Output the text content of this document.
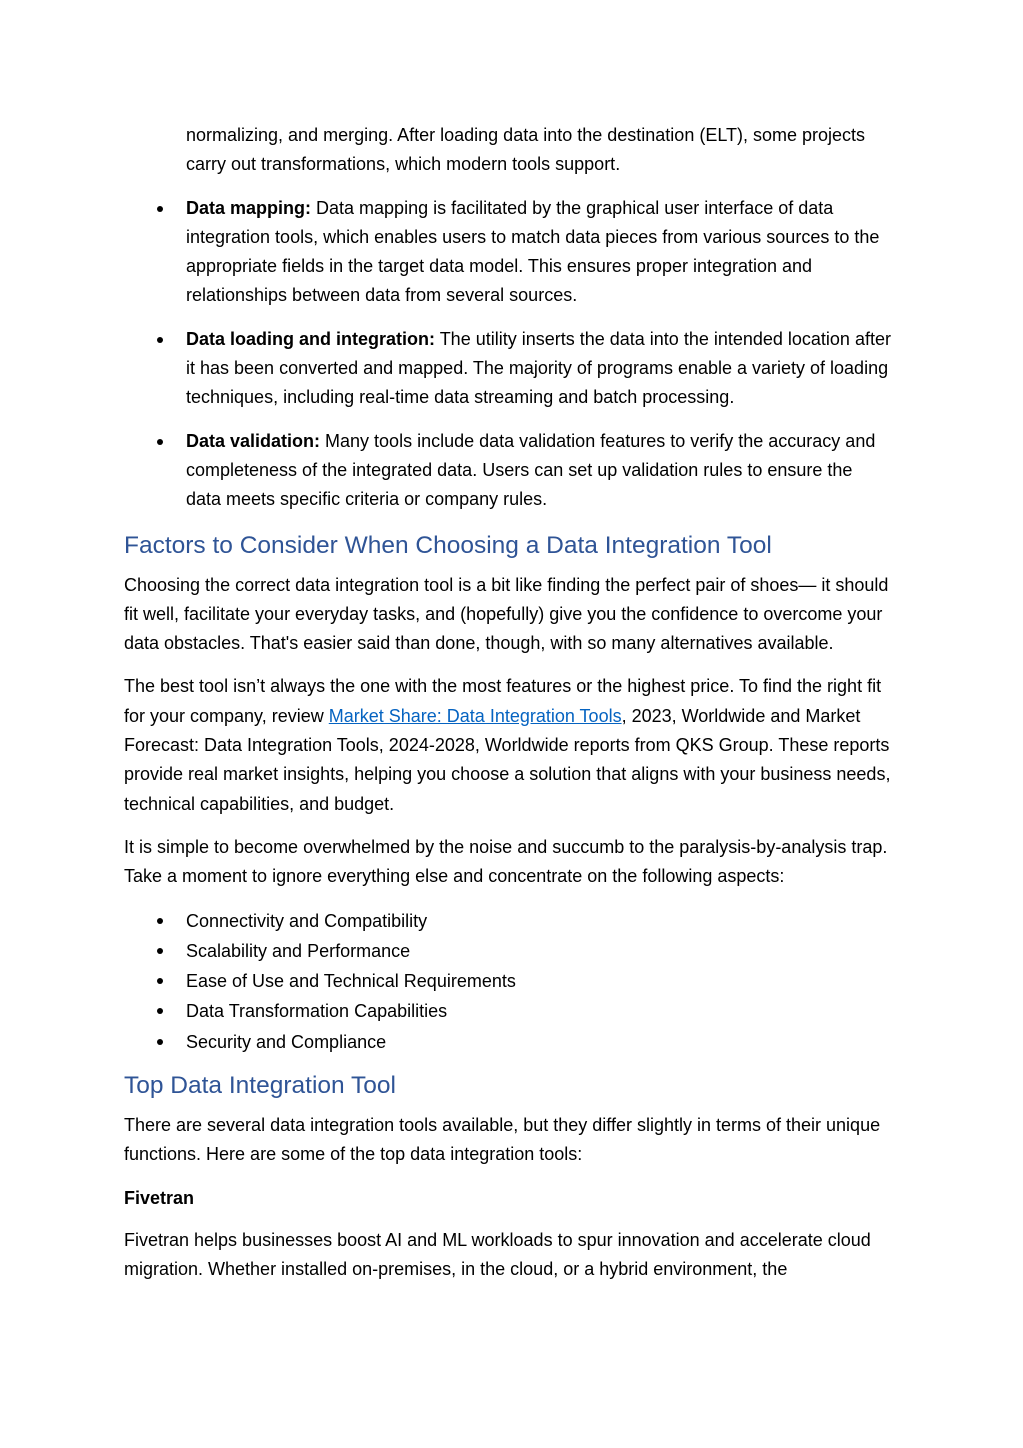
normalizing, and merging. After loading data into the destination (ELT), some projects carry out transformations, which modern tools support.

Data mapping: Data mapping is facilitated by the graphical user interface of data integration tools, which enables users to match data pieces from various sources to the appropriate fields in the target data model. This ensures proper integration and relationships between data from several sources.
Data loading and integration: The utility inserts the data into the intended location after it has been converted and mapped. The majority of programs enable a variety of loading techniques, including real-time data streaming and batch processing.
Data validation: Many tools include data validation features to verify the accuracy and completeness of the integrated data. Users can set up validation rules to ensure the data meets specific criteria or company rules.
Factors to Consider When Choosing a Data Integration Tool

Choosing the correct data integration tool is a bit like finding the perfect pair of shoes— it should fit well, facilitate your everyday tasks, and (hopefully) give you the confidence to overcome your data obstacles. That's easier said than done, though, with so many alternatives available.

The best tool isn’t always the one with the most features or the highest price. To find the right fit for your company, review Market Share: Data Integration Tools, 2023, Worldwide and Market Forecast: Data Integration Tools, 2024-2028, Worldwide reports from QKS Group. These reports provide real market insights, helping you choose a solution that aligns with your business needs, technical capabilities, and budget.

It is simple to become overwhelmed by the noise and succumb to the paralysis-by-analysis trap. Take a moment to ignore everything else and concentrate on the following aspects:

Connectivity and Compatibility
Scalability and Performance
Ease of Use and Technical Requirements
Data Transformation Capabilities
Security and Compliance
Top Data Integration Tool

There are several data integration tools available, but they differ slightly in terms of their unique functions. Here are some of the top data integration tools:

Fivetran

Fivetran helps businesses boost AI and ML workloads to spur innovation and accelerate cloud migration. Whether installed on-premises, in the cloud, or a hybrid environment, the
